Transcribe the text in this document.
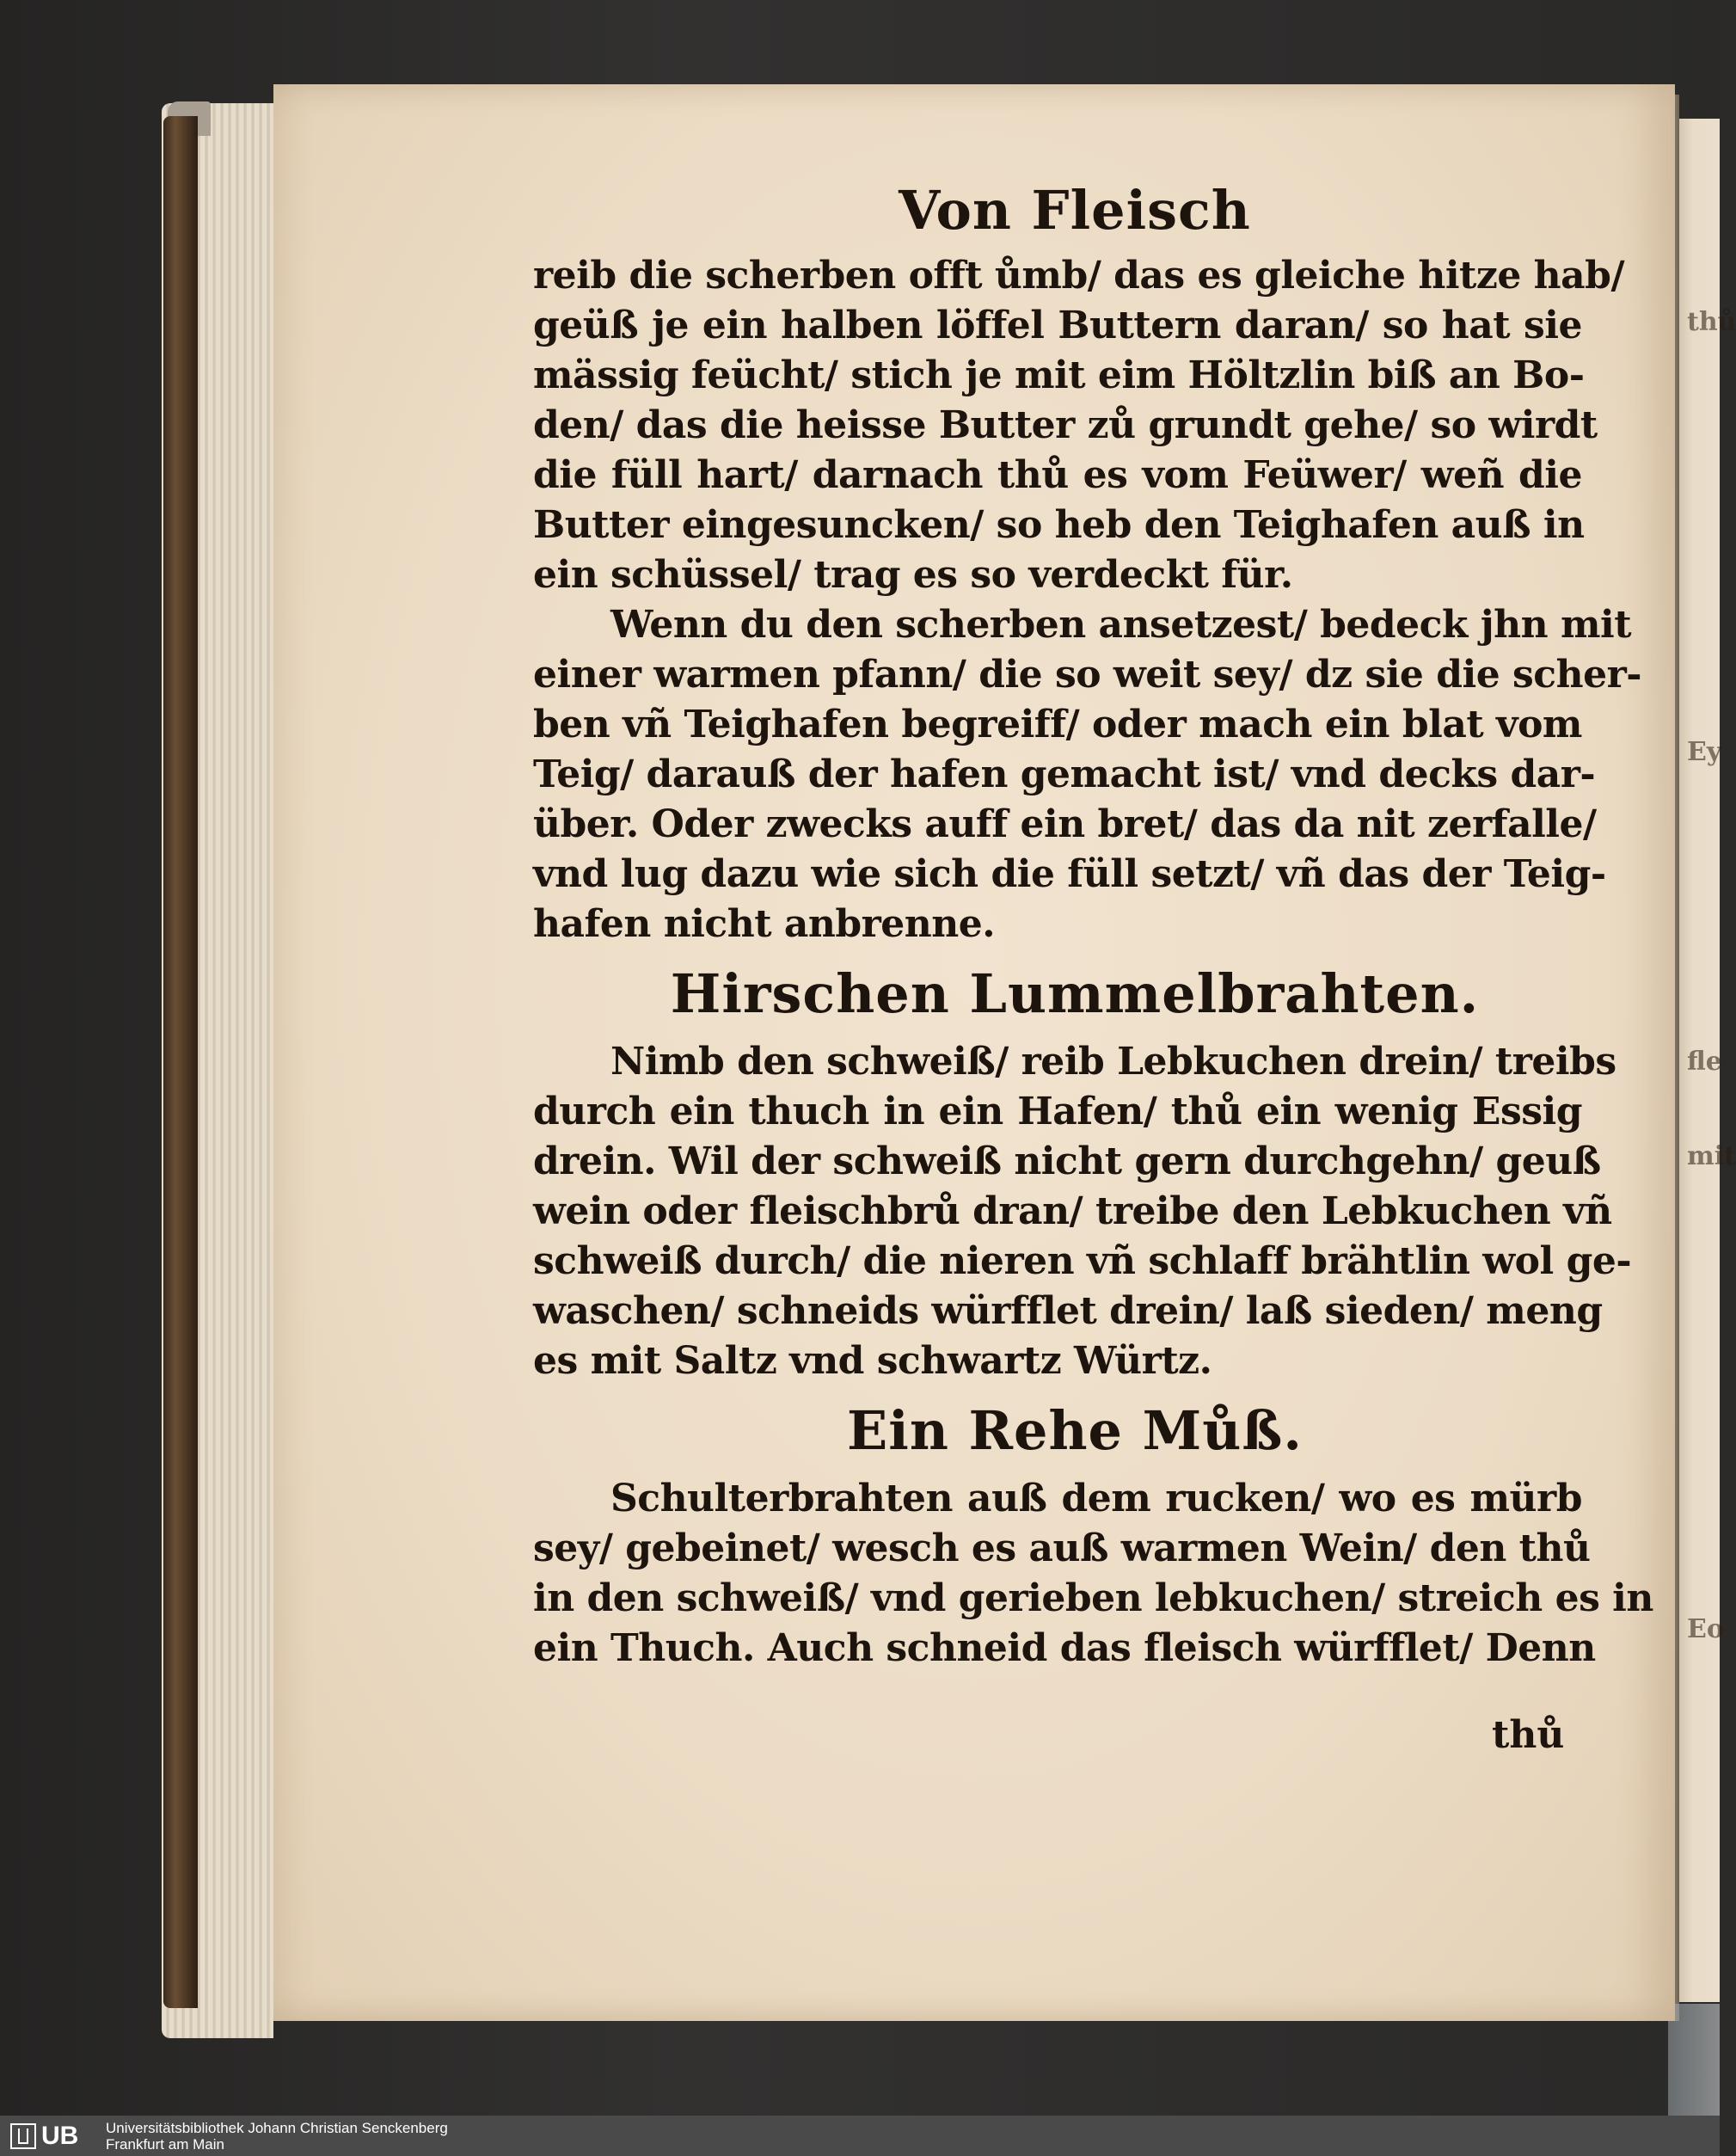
thů
Ey
fle
mit
Eo
Von Fleisch
reib die scherben offt ůmb/ das es gleiche hitze hab/
geüß je ein halben löffel Buttern daran/ so hat sie
mässig feücht/ stich je mit eim Höltzlin biß an Bo-
den/ das die heisse Butter zů grundt gehe/ so wirdt
die füll hart/ darnach thů es vom Feüwer/ weñ die
Butter eingesuncken/ so heb den Teighafen auß in
ein schüssel/ trag es so verdeckt für.
Wenn du den scherben ansetzest/ bedeck jhn mit
einer warmen pfann/ die so weit sey/ dz sie die scher-
ben vñ Teighafen begreiff/ oder mach ein blat vom
Teig/ darauß der hafen gemacht ist/ vnd decks dar-
über. Oder zwecks auff ein bret/ das da nit zerfalle/
vnd lug dazu wie sich die füll setzt/ vñ das der Teig-
hafen nicht anbrenne.
Hirschen Lummelbrahten.
Nimb den schweiß/ reib Lebkuchen drein/ treibs
durch ein thuch in ein Hafen/ thů ein wenig Essig
drein. Wil der schweiß nicht gern durchgehn/ geuß
wein oder fleischbrů dran/ treibe den Lebkuchen vñ
schweiß durch/ die nieren vñ schlaff brähtlin wol ge-
waschen/ schneids würfflet drein/ laß sieden/ meng
es mit Saltz vnd schwartz Würtz.
Ein Rehe Můß.
Schulterbrahten auß dem rucken/ wo es mürb
sey/ gebeinet/ wesch es auß warmen Wein/ den thů
in den schweiß/ vnd gerieben lebkuchen/ streich es in
ein Thuch. Auch schneid das fleisch würfflet/ Denn
thů
UB Universitätsbibliothek Johann Christian Senckenberg
Frankfurt am Main
